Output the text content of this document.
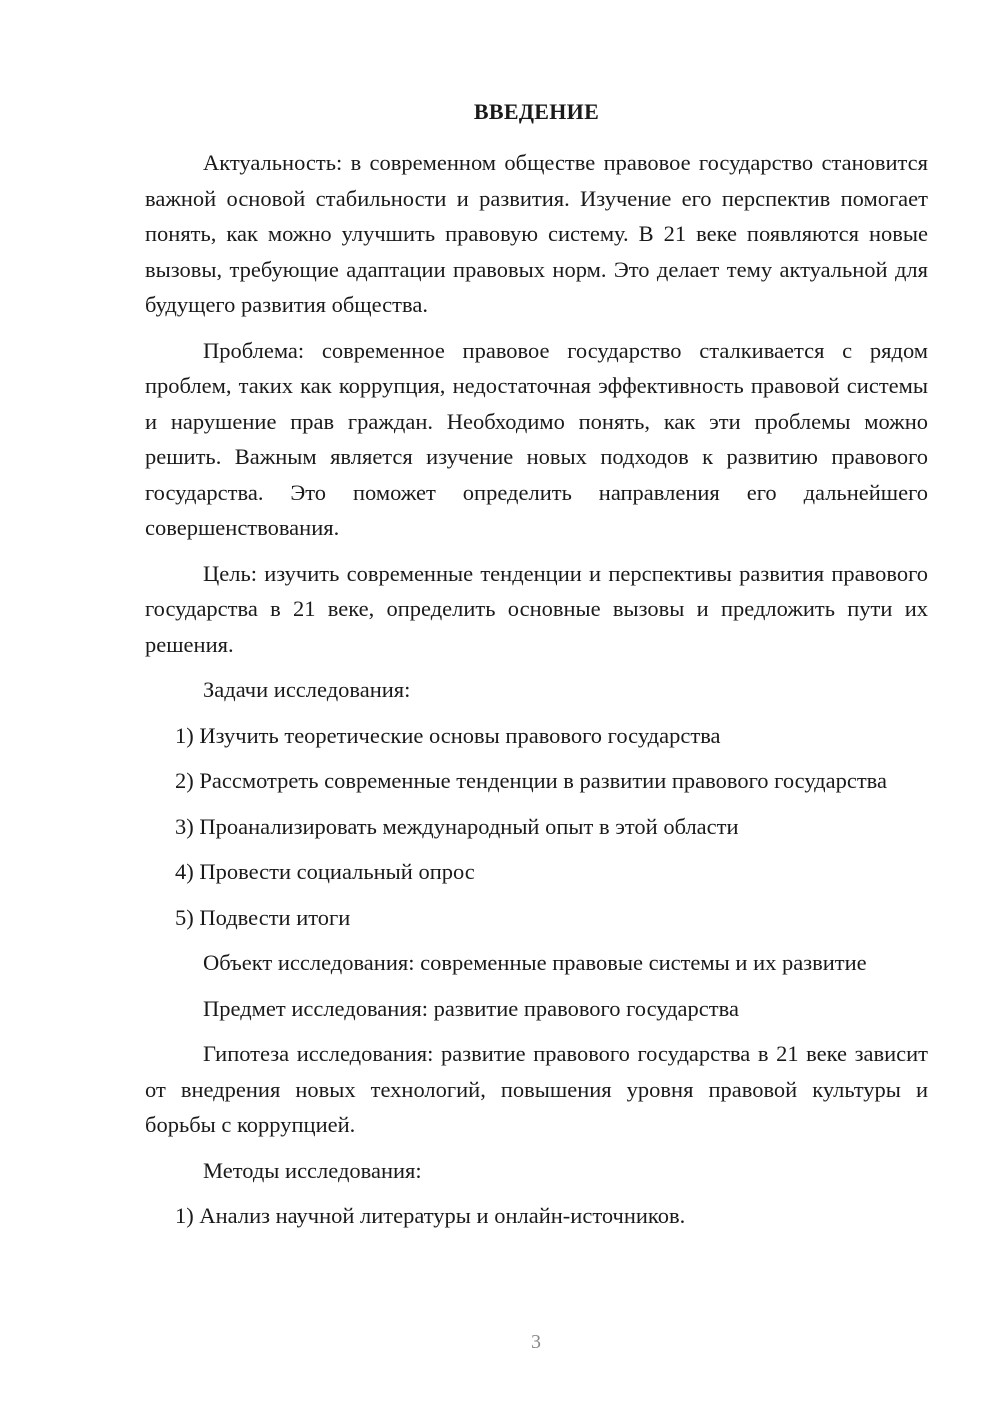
ВВЕДЕНИЕ

Актуальность: в современном обществе правовое государство становится важной основой стабильности и развития. Изучение его перспектив помогает понять, как можно улучшить правовую систему. В 21 веке появляются новые вызовы, требующие адаптации правовых норм. Это делает тему актуальной для будущего развития общества.

Проблема: современное правовое государство сталкивается с рядом проблем, таких как коррупция, недостаточная эффективность правовой системы и нарушение прав граждан. Необходимо понять, как эти проблемы можно решить. Важным является изучение новых подходов к развитию правового государства. Это поможет определить направления его дальнейшего совершенствования.

Цель: изучить современные тенденции и перспективы развития правового государства в 21 веке, определить основные вызовы и предложить пути их решения.

Задачи исследования:

1) Изучить теоретические основы правового государства

2) Рассмотреть современные тенденции в развитии правового государства

3) Проанализировать международный опыт в этой области

4) Провести социальный опрос

5) Подвести итоги

Объект исследования: современные правовые системы и их развитие

Предмет исследования: развитие правового государства

Гипотеза исследования: развитие правового государства в 21 веке зависит от внедрения новых технологий, повышения уровня правовой культуры и борьбы с коррупцией.

Методы исследования:

1) Анализ научной литературы и онлайн-источников.

3
